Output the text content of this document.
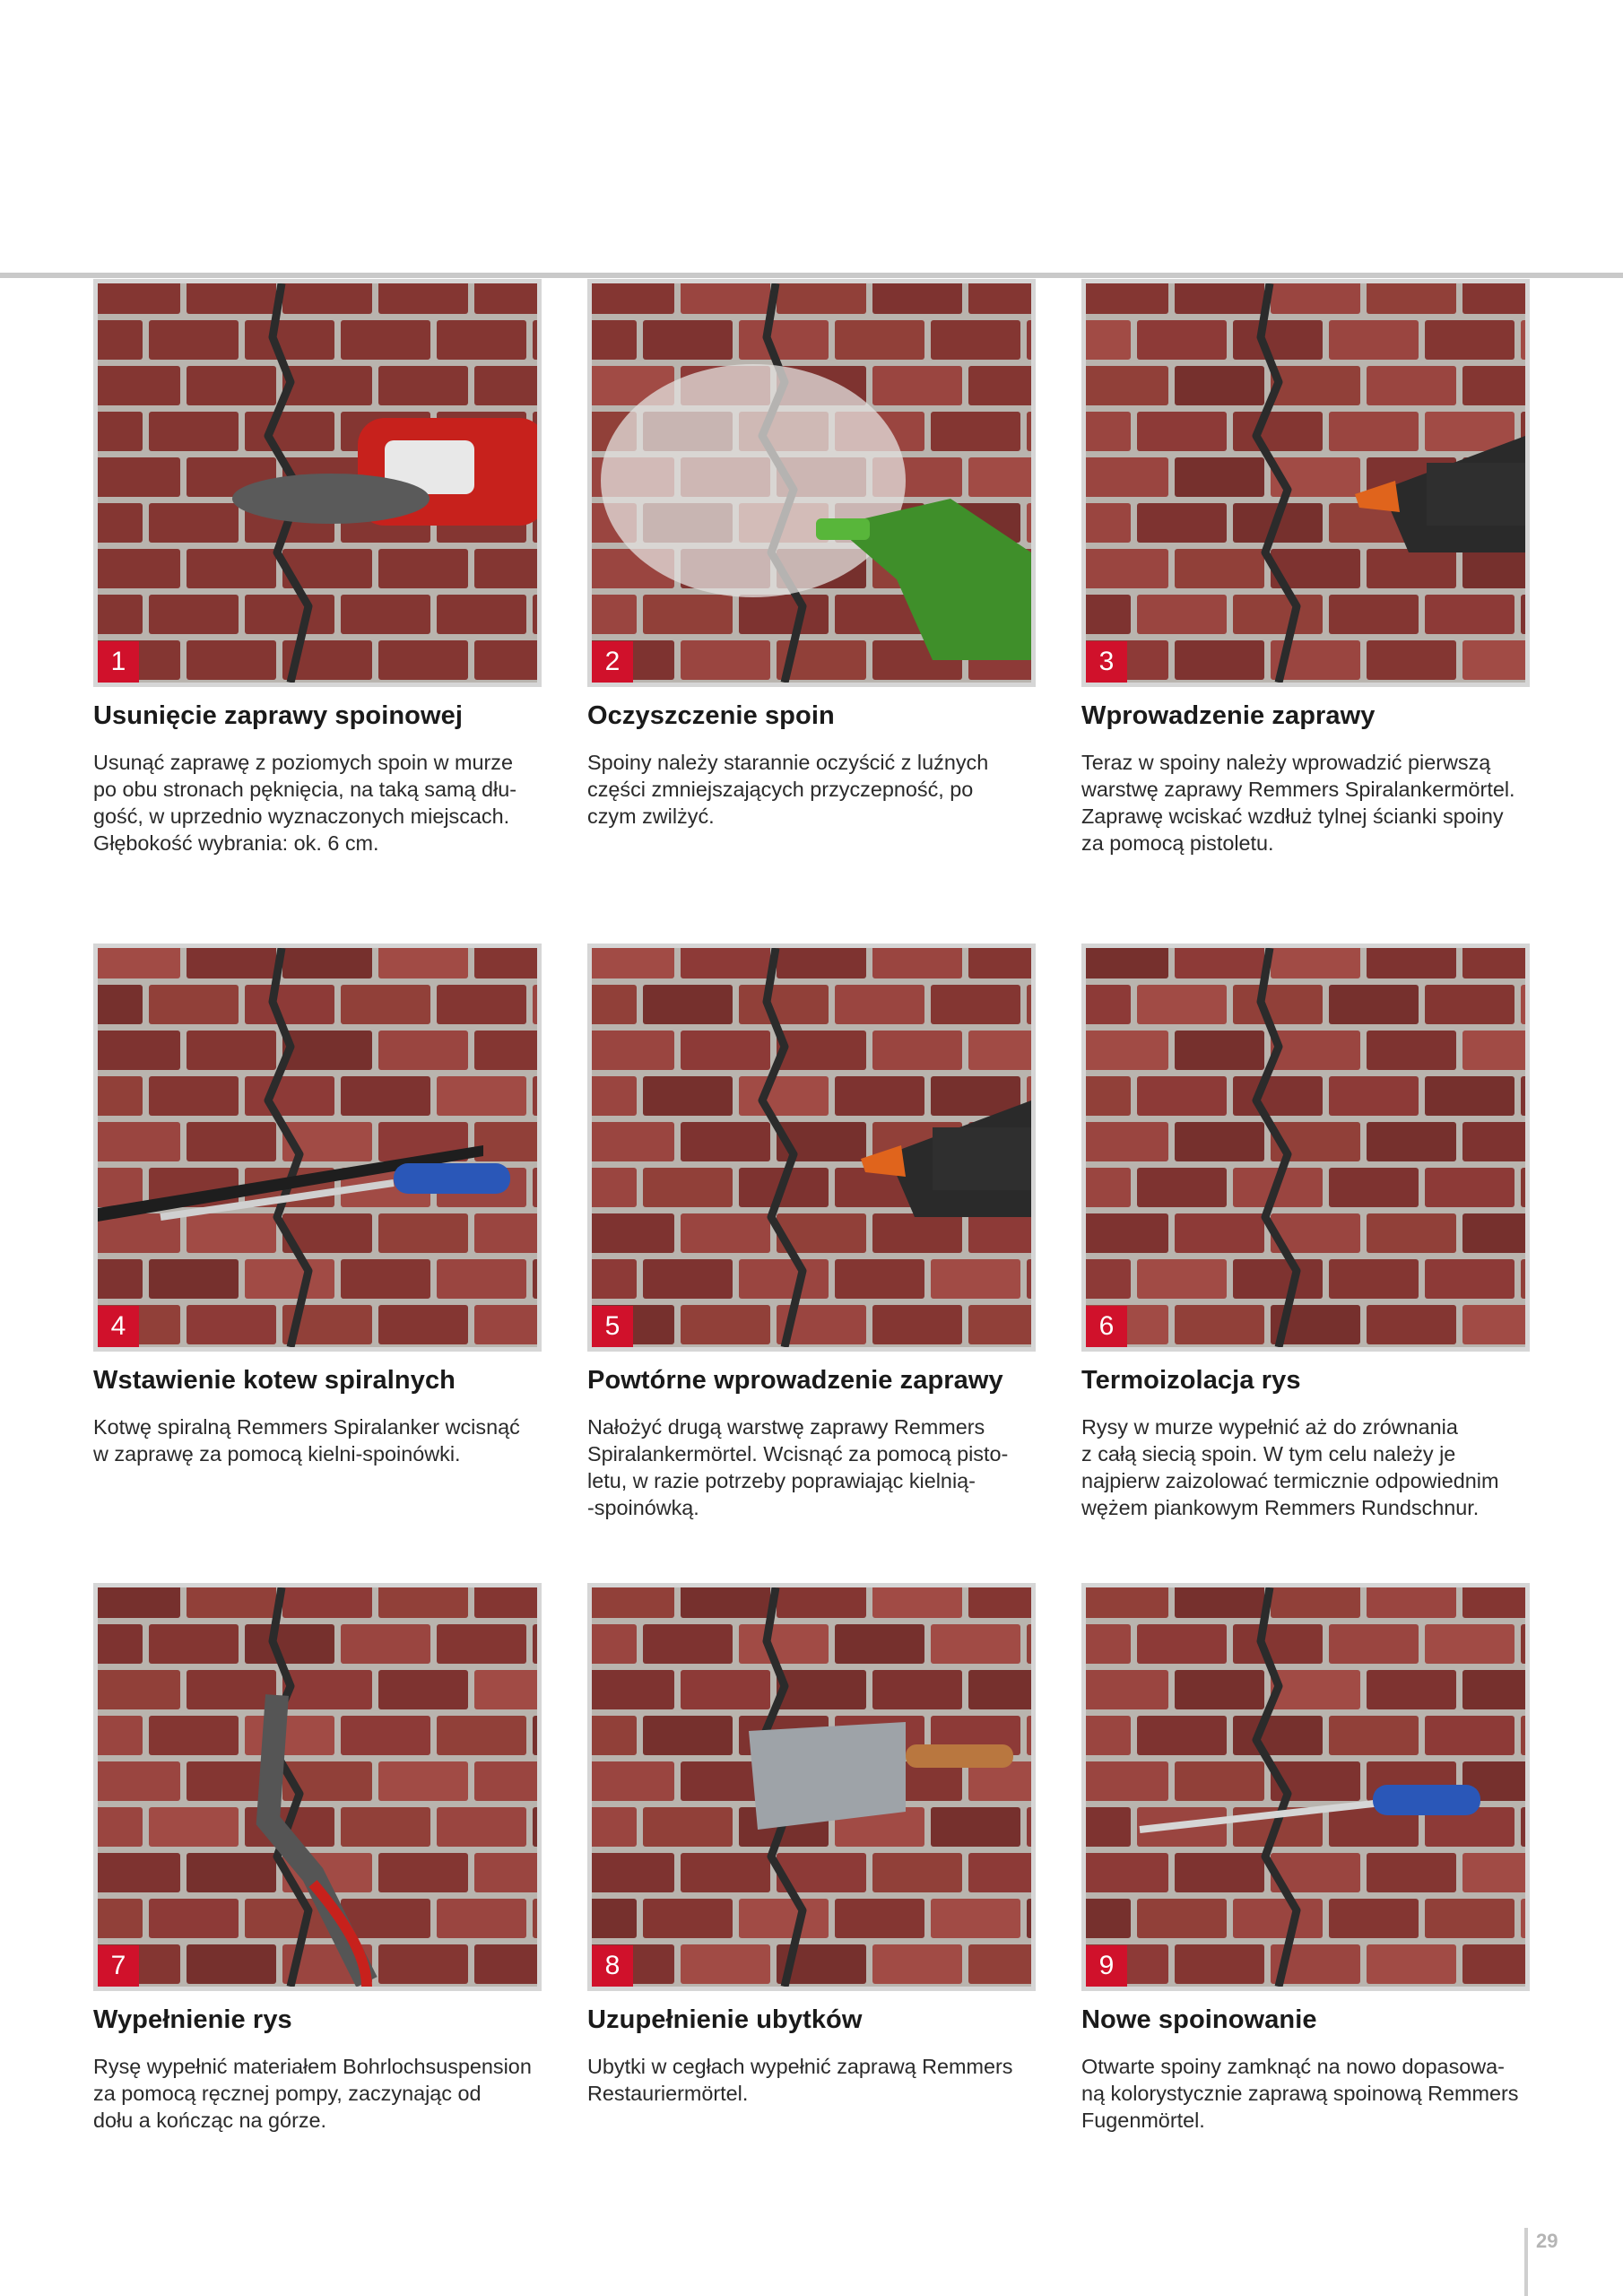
1
Usunięcie zaprawy spoinowej
Usunąć zaprawę z poziomych spoin w murze
po obu stronach pęknięcia, na taką samą dłu-
gość, w uprzednio wyznaczonych miejscach.
Głębokość wybrania: ok. 6 cm.
2
Oczyszczenie spoin
Spoiny należy starannie oczyścić z luźnych
części zmniejszających przyczepność, po
czym zwilżyć.
3
Wprowadzenie zaprawy
Teraz w spoiny należy wprowadzić pierwszą
warstwę zaprawy Remmers Spiralankermörtel.
Zaprawę wciskać wzdłuż tylnej ścianki spoiny
za pomocą pistoletu.
4
Wstawienie kotew spiralnych
Kotwę spiralną Remmers Spiralanker wcisnąć
w zaprawę za pomocą kielni-spoinówki.
5
Powtórne wprowadzenie zaprawy
Nałożyć drugą warstwę zaprawy Remmers
Spiralankermörtel. Wcisnąć za pomocą pisto-
letu, w razie potrzeby poprawiając kielnią-
-spoinówką.
6
Termoizolacja rys
Rysy w murze wypełnić aż do zrównania
z całą siecią spoin. W tym celu należy je
najpierw zaizolować termicznie odpowiednim
wężem piankowym Remmers Rundschnur.
7
Wypełnienie rys
Rysę wypełnić materiałem Bohrlochsuspension
za pomocą ręcznej pompy, zaczynając od
dołu a kończąc na górze.
8
Uzupełnienie ubytków
Ubytki w cegłach wypełnić zaprawą Remmers
Restauriermörtel.
9
Nowe spoinowanie
Otwarte spoiny zamknąć na nowo dopasowa-
ną kolorystycznie zaprawą spoinową Remmers
Fugenmörtel.
29
